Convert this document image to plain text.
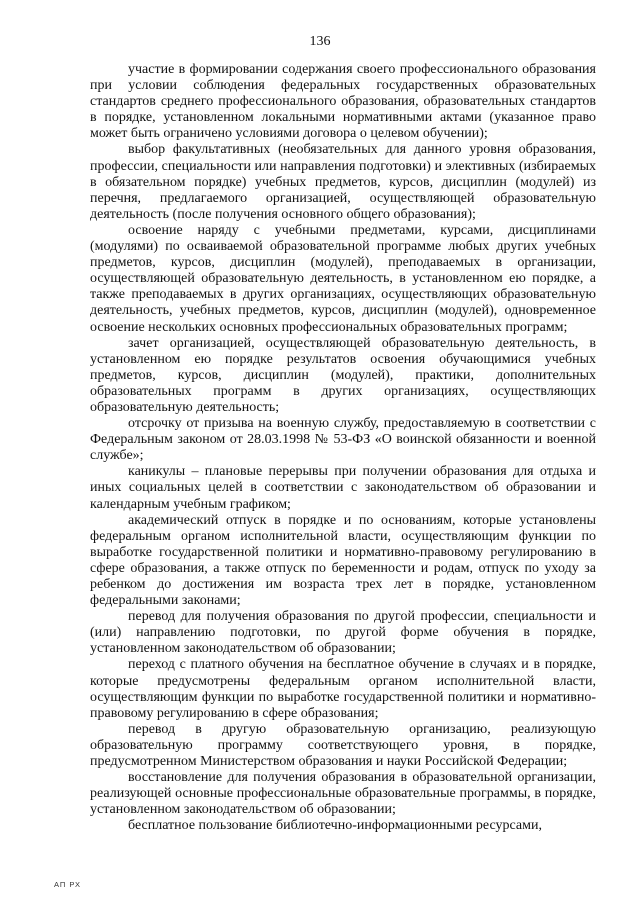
136

участие в формировании содержания своего профессионального образования при условии соблюдения федеральных государственных образовательных стандартов среднего профессионального образования, образовательных стандартов в порядке, установленном локальными нормативными актами (указанное право может быть ограничено условиями договора о целевом обучении);

выбор факультативных (необязательных для данного уровня образования, профессии, специальности или направления подготовки) и элективных (избираемых в обязательном порядке) учебных предметов, курсов, дисциплин (модулей) из перечня, предлагаемого организацией, осуществляющей образовательную деятельность (после получения основного общего образования);

освоение наряду с учебными предметами, курсами, дисциплинами (модулями) по осваиваемой образовательной программе любых других учебных предметов, курсов, дисциплин (модулей), преподаваемых в организации, осуществляющей образовательную деятельность, в установленном ею порядке, а также преподаваемых в других организациях, осуществляющих образовательную деятельность, учебных предметов, курсов, дисциплин (модулей), одновременное освоение нескольких основных профессиональных образовательных программ;

зачет организацией, осуществляющей образовательную деятельность, в установленном ею порядке результатов освоения обучающимися учебных предметов, курсов, дисциплин (модулей), практики, дополнительных образовательных программ в других организациях, осуществляющих образовательную деятельность;

отсрочку от призыва на военную службу, предоставляемую в соответствии с Федеральным законом от 28.03.1998 № 53-ФЗ «О воинской обязанности и военной службе»;

каникулы – плановые перерывы при получении образования для отдыха и иных социальных целей в соответствии с законодательством об образовании и календарным учебным графиком;

академический отпуск в порядке и по основаниям, которые установлены федеральным органом исполнительной власти, осуществляющим функции по выработке государственной политики и нормативно-правовому регулированию в сфере образования, а также отпуск по беременности и родам, отпуск по уходу за ребенком до достижения им возраста трех лет в порядке, установленном федеральными законами;

перевод для получения образования по другой профессии, специальности и (или) направлению подготовки, по другой форме обучения в порядке, установленном законодательством об образовании;

переход с платного обучения на бесплатное обучение в случаях и в порядке, которые предусмотрены федеральным органом исполнительной власти, осуществляющим функции по выработке государственной политики и нормативно-правовому регулированию в сфере образования;

перевод в другую образовательную организацию, реализующую образовательную программу соответствующего уровня, в порядке, предусмотренном Министерством образования и науки Российской Федерации;

восстановление для получения образования в образовательной организации, реализующей основные профессиональные образовательные программы, в порядке, установленном законодательством об образовании;

бесплатное пользование библиотечно-информационными ресурсами,

АП РХ
